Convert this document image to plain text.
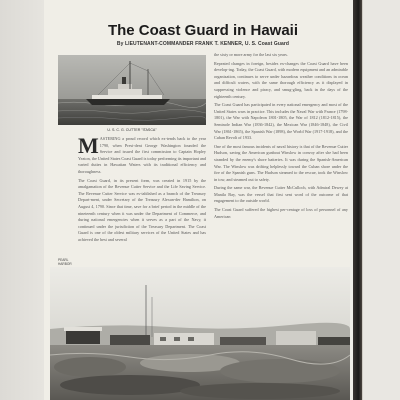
The Coast Guard in Hawaii
By LIEUTENANT-COMMANDER FRANK T. KENNER, U. S. Coast Guard
U. S. C. G. CUTTER "ITASCA"

MASTERING a proud record which ex-tends back to the year 1790, when Presi-dent George Washington founded the Service and issued the first commission to Captain Hopley Yeaton, the United States Coast Guard is today performing its important and varied duties in Hawaiian Waters with its traditional efficiency and thoroughness.

The Coast Guard, in its present form, was created in 1915 by the amalgamation of the Revenue Cutter Service and the Life Saving Service. The Revenue Cutter Service was es-tablished as a branch of the Treasury Depart-ment, under Secretary of the Treasury Alexan-der Hamilton, on August 4, 1790. Since that time, save for a brief period in the middle of the nineteenth century when it was under the Department of Commerce, and during national emergencies when it serves as a part of the Navy, it continued under the jurisdiction of the Treasury Department. The Coast Guard is one of the oldest military services of the United States and has achieved the best and several

the sixty or more army for the last six years.

Repeated changes in foreign, besides ex-changes the Coast Guard have been develop-ing. Today, the Coast Guard, with modern equipment and an admirable organization, continues to serve under hazardous weather conditions in ocean and difficult waters, with the same thorough efficiency as it displayed in suppressing violence and piracy, and smug-gling, back in the days of the eighteenth century.

The Coast Guard has participated in every national emergency and most of the United States wars in practice. This includes the Naval War with France (1798-1801), the War with Napoleon 1801-1805, the War of 1812 (1812-1815), the Seminole Indian War (1836-1842), the Mexican War (1846-1848), the Civil War (1861-1865), the Spanish War (1898), the World War (1917-1918), and the Cuban Revolt of 1933.

One of the most famous incidents of naval history is that of the Revenue Cutter Hudson, saving the American gunboat Winslow in convoy after she had been stranded by the enemy's shore batteries. It was during the Spanish-American War. The Winslow was drifting helplessly toward the Cuban shore under the fire of the Spanish guns. The Hudson steamed to the rescue, took the Winslow in tow, and steamed out to safety.

During the same war, the Revenue Cutter McCulloch, with Admiral Dewey at Manila Bay, was the vessel that first sent word of the outcome of that engagement to the outside world.

The Coast Guard suffered the highest per-centage of loss of personnel of any American

PEARL HARBOR
